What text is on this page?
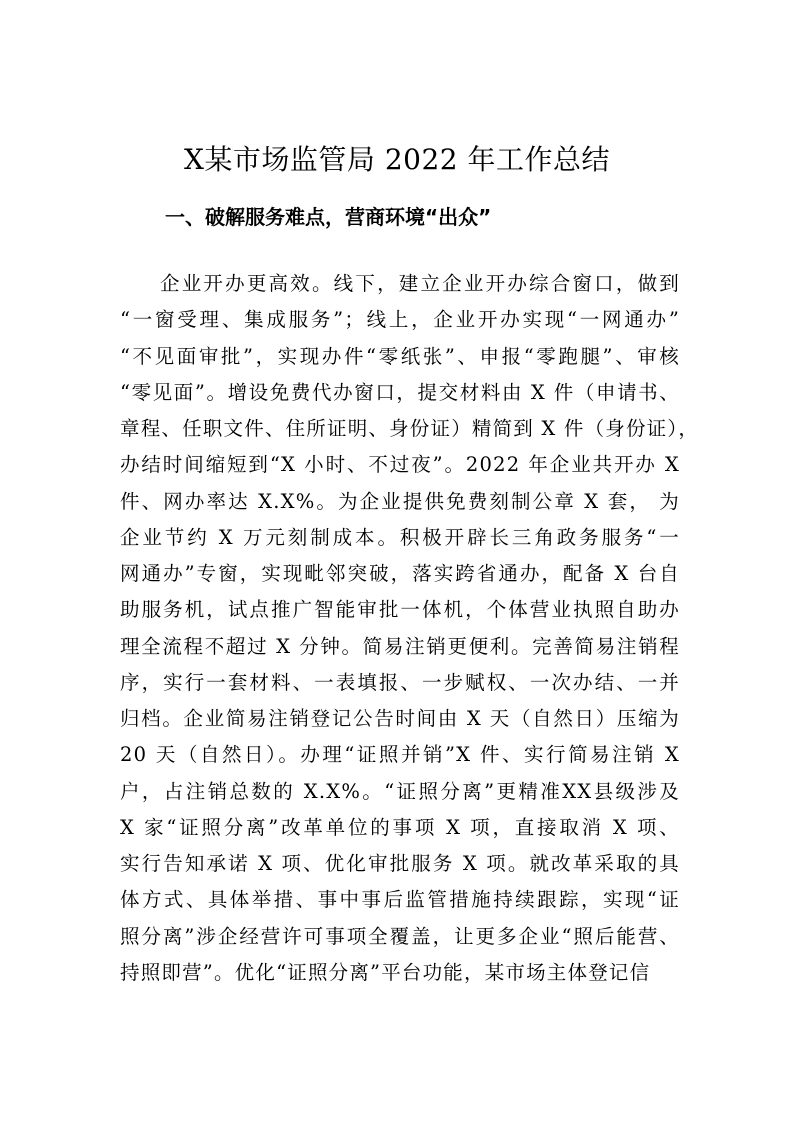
X某市场监管局 2022 年工作总结
一、破解服务难点，营商环境“出众”
企业开办更高效。线下，建立企业开办综合窗口，做到
“一窗受理、集成服务”；线上，企业开办实现“一网通办”
“不见面审批”，实现办件“零纸张”、申报“零跑腿”、审核
“零见面”。增设免费代办窗口，提交材料由 X 件（申请书、
章程、任职文件、住所证明、身份证）精简到 X 件（身份证），
办结时间缩短到“X 小时、不过夜”。2022 年企业共开办 X
件、网办率达 X.X%。为企业提供免费刻制公章 X 套， 为
企业节约 X 万元刻制成本。积极开辟长三角政务服务“一
网通办”专窗，实现毗邻突破，落实跨省通办，配备 X 台自
助服务机，试点推广智能审批一体机，个体营业执照自助办
理全流程不超过 X 分钟。简易注销更便利。完善简易注销程
序，实行一套材料、一表填报、一步赋权、一次办结、一并
归档。企业简易注销登记公告时间由 X 天（自然日）压缩为
20 天（自然日）。办理“证照并销”X 件、实行简易注销 X
户，占注销总数的 X.X%。“证照分离”更精准XX县级涉及
X 家“证照分离”改革单位的事项 X 项，直接取消 X 项、
实行告知承诺 X 项、优化审批服务 X 项。就改革采取的具
体方式、具体举措、事中事后监管措施持续跟踪，实现“证
照分离”涉企经营许可事项全覆盖，让更多企业“照后能营、
持照即营”。优化“证照分离”平台功能，某市场主体登记信
